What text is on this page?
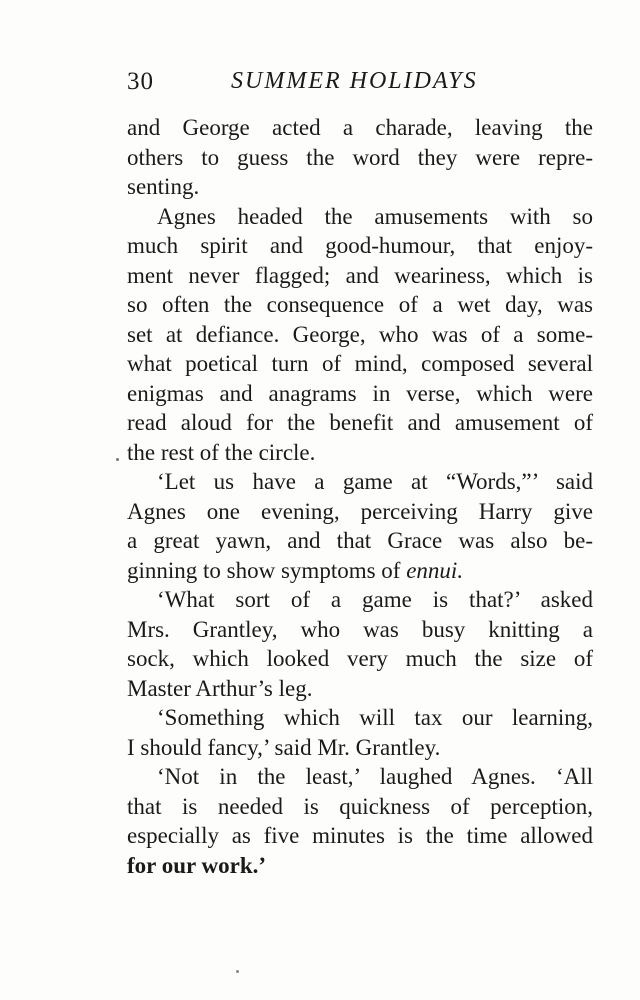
30	SUMMER HOLIDAYS

and George acted a charade, leaving the

others to guess the word they were repre-

senting.

Agnes headed the amusements with so

much spirit and good-humour, that enjoy-

ment never flagged; and weariness, which is

so often the consequence of a wet day, was

set at defiance. George, who was of a some-

what poetical turn of mind, composed several

enigmas and anagrams in verse, which were

read aloud for the benefit and amusement of

the rest of the circle.

‘Let us have a game at “Words,”’ said

Agnes one evening, perceiving Harry give

a great yawn, and that Grace was also be-

ginning to show symptoms of ennui.

‘What sort of a game is that?’ asked

Mrs. Grantley, who was busy knitting a

sock, which looked very much the size of

Master Arthur’s leg.

‘Something which will tax our learning,

I should fancy,’ said Mr. Grantley.

‘Not in the least,’ laughed Agnes. ‘All

that is needed is quickness of perception,

especially as five minutes is the time allowed

for our work.’
